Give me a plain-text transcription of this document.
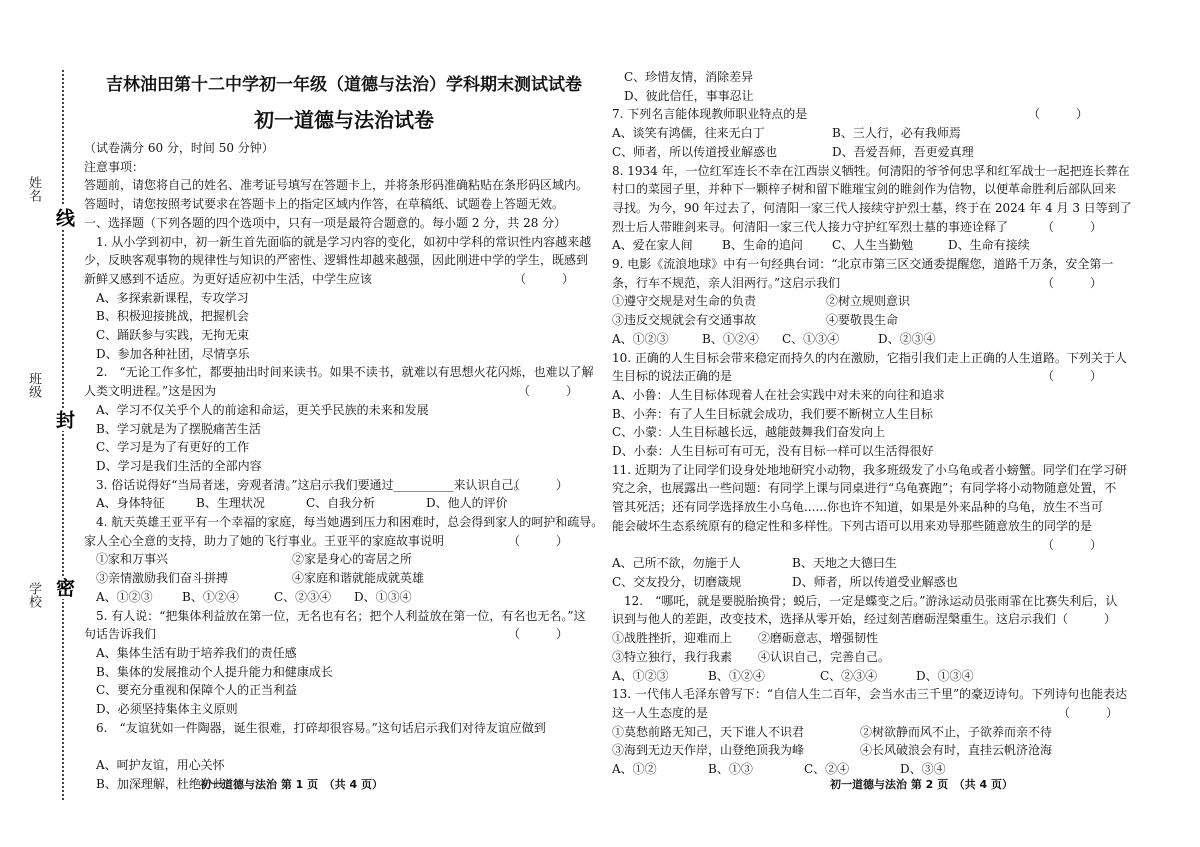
姓名
班级
学校
线
封
密
吉林油田第十二中学初一年级（道德与法治）学科期末测试试卷
初一道德与法治试卷
（试卷满分 60 分，时间 50 分钟）
注意事项：
答题前，请您将自己的姓名、准考证号填写在答题卡上，并将条形码准确粘贴在条形码区域内。
答题时，请您按照考试要求在答题卡上的指定区域内作答，在草稿纸、试题卷上答题无效。
一、选择题（下列各题的四个选项中，只有一项是最符合题意的。每小题 2 分，共 28 分）
1. 从小学到初中，初一新生首先面临的就是学习内容的变化，如初中学科的常识性内容越来越
少，反映客观事物的规律性与知识的严密性、逻辑性却越来越强，因此刚进中学的学生，既感到
新鲜又感到不适应。为更好适应初中生活，中学生应该	（　　　）
A、多探索新课程，专攻学习
B、积极迎接挑战，把握机会
C、踊跃参与实践，无拘无束
D、参加各种社团，尽情享乐
2.　“无论工作多忙，都要抽出时间来读书。如果不读书，就难以有思想火花闪烁，也难以了解
人类文明进程。”这是因为	（　　　）
A、学习不仅关乎个人的前途和命运，更关乎民族的未来和发展
B、学习就是为了摆脱痛苦生活
C、学习是为了有更好的工作
D、学习是我们生活的全部内容
3. 俗话说得好“当局者迷，旁观者清。”这启示我们要通过__________来认识自己。
（　　　）
A、身体特征	B、生理状况	C、自我分析	D、他人的评价
4. 航天英雄王亚平有一个幸福的家庭，每当她遇到压力和困难时，总会得到家人的呵护和疏导。
家人全心全意的支持，助力了她的飞行事业。王亚平的家庭故事说明	（　　　）
①家和万事兴	②家是身心的寄居之所
③亲情激励我们奋斗拼搏	④家庭和谐就能成就英雄
A、①②③	B、①②④	C、②③④	D、①③④
5. 有人说：“把集体利益放在第一位，无名也有名；把个人利益放在第一位，有名也无名。”这
句话告诉我们	（　　　）
A、集体生活有助于培养我们的责任感
B、集体的发展推动个人提升能力和健康成长
C、要充分重视和保障个人的正当利益
D、必须坚持集体主义原则
6.　“友谊犹如一件陶器，诞生很难，打碎却很容易。”这句话启示我们对待友谊应做到

A、呵护友谊，用心关怀
B、加深理解，杜绝分歧
C、珍惜友情，消除差异
D、彼此信任，事事忍让
7. 下列名言能体现教师职业特点的是	（　　　）
A、谈笑有鸿儒，往来无白丁	B、三人行，必有我师焉
C、师者，所以传道授业解惑也	D、吾爱吾师，吾更爱真理
8. 1934 年，一位红军连长不幸在江西崇义牺牲。何清阳的爷爷何忠孚和红军战士一起把连长葬在
村口的菜园子里，并种下一颗梓子树和留下睢璀宝剑的睢剑作为信物，以便革命胜利后部队回来
寻找。为今，90 年过去了，何清阳一家三代人接续守护烈士墓，终于在 2024 年 4 月 3 日等到了
烈士后人带睢剑来寻。何清阳一家三代人接力守护红军烈士墓的事迹诠释了	（　　　）
A、爱在家人间	B、生命的追问	C、人生当勤勉	D、生命有接续
9. 电影《流浪地球》中有一句经典台词：“北京市第三区交通委提醒您，道路千万条，安全第一
条，行车不规范，亲人泪两行。”这启示我们	（　　　）
①遵守交规是对生命的负责	②树立规则意识
③违反交规就会有交通事故	④要敬畏生命
A、①②③	B、①②④	C、①③④	D、②③④
10. 正确的人生目标会带来稳定而持久的内在激励，它指引我们走上正确的人生道路。下列关于人
生目标的说法正确的是	（　　　）
A、小鲁：人生目标体现着人在社会实践中对未来的向往和追求
B、小奔：有了人生目标就会成功，我们要不断树立人生目标
C、小蒙：人生目标越长远，越能鼓舞我们奋发向上
D、小泰：人生目标可有可无，没有目标一样可以生活得很好
11. 近期为了让同学们设身处地地研究小动物，我多班级发了小乌龟或者小螃蟹。同学们在学习研
究之余，也展露出一些问题：有同学上课与同桌进行“乌龟赛跑”；有同学将小动物随意处置，不
管其死活；还有同学选择放生小乌龟......你也许不知道，如果是外来品种的乌龟，放生不当可
能会破坏生态系统原有的稳定性和多样性。下列古语可以用来劝导那些随意放生的同学的是

（　　　）
A、己所不欲，勿施于人	B、天地之大德曰生
C、交友投分，切磨箴规	D、师者，所以传道受业解惑也
12.　“哪吒，就是要脱胎换骨；蜕后，一定是蝶变之后。”游泳运动员张雨霏在比赛失利后，认
识到与他人的差距，改变技术，选择从零开始，经过刻苦磨砺涅槃重生。这启示我们（　　　）
①战胜挫折，迎难而上	②磨砺意志，增强韧性
③特立独行，我行我素	④认识自己，完善自己。
A、①②③	B、①②④	C、②③④	D、①③④
13. 一代伟人毛泽东曾写下：“自信人生二百年，会当水击三千里”的豪迈诗句。下列诗句也能表达
这一人生态度的是	（　　　）
①莫愁前路无知己，天下谁人不识君	②树欲静而风不止，子欲养而亲不待
③海到无边天作岸，山登绝顶我为峰	④长风破浪会有时，直挂云帆济沧海
A、①②	B、①③	C、②④	D、③④
初一道德与法治 第 1 页　（共 4 页）	初一道德与法治 第 2 页　（共 4 页）
